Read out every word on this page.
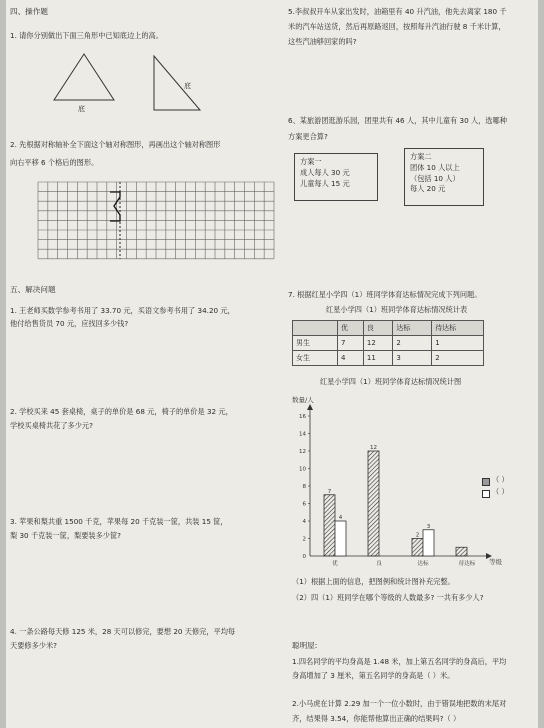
四、操作题
1. 请你分别做出下面三角形中已知底边上的高。
底
底
2. 先根据对称轴补全下面这个轴对称图形，再画出这个轴对称图形
向右平移 6 个格后的图形。
五、解决问题
1. 王老师买数学参考书用了 33.70 元，买语文参考书用了 34.20 元，
他付给售货员 70 元，应找回多少钱?
2. 学校买来 45 套桌椅，桌子的单价是 68 元，椅子的单价是 32 元，
学校买桌椅共花了多少元?
3. 苹果和梨共重 1500 千克，苹果每 20 千克装一筐，共装 15 筐，
梨 30 千克装一筐，梨要装多少筐?
4. 一条公路每天修 125 米，28 天可以修完，要想 20 天修完，平均每
天要修多少米?
5.李叔叔开车从家出发时，油箱里有 40 升汽油，他先去离家 180 千
米的汽车站送货，然后再原路返回，按照每升汽油行驶 8 千米计算，
这些汽油够回家的吗?
6、某旅游团逛游乐园，团里共有 46 人，其中儿童有 30 人，选哪种
方案更合算?
方案一
成人每人 30 元
儿童每人 15 元
方案二
团体 10 人以上
（包括 10 人）
每人 20 元
7. 根据红星小学四（1）班同学体育达标情况完成下列问题。
红星小学四（1）班同学体育达标情况统计表
	优	良	达标	待达标
男生	7	12	2	1
女生	4	11	3	2
红星小学四（1）班同学体育达标情况统计图
数量/人
等级
0
2
4
6
8
10
12
14
16
7
4
优
12
良
2
3
达标	待达标
（ ）
（ ）
（1）根据上面的信息，把图例和统计图补充完整。
（2）四（1）班同学在哪个等级的人数最多? 一共有多少人?
聪明屋:
1.四名同学的平均身高是 1.48 米，加上第五名同学的身高后，平均
身高增加了 3 厘米，第五名同学的身高是（ ）米。
2.小马虎在计算 2.29 加一个一位小数时，由于错误地把数的末尾对
齐，结果得 3.54，你能帮他算出正确的结果吗?（ ）
